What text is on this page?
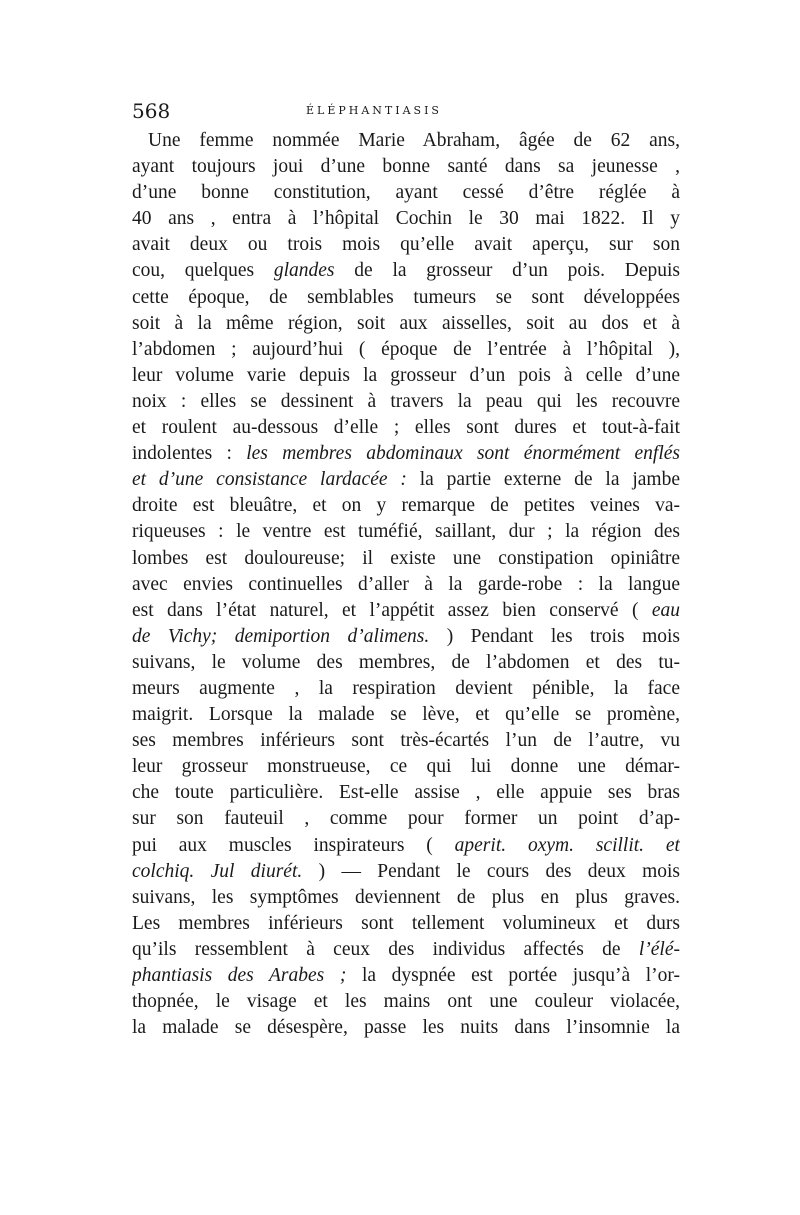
568	ÉLÉPHANTIASIS
Une femme nommée Marie Abraham, âgée de 62 ans,
ayant toujours joui d’une bonne santé dans sa jeunesse ,
d’une bonne constitution, ayant cessé d’être réglée à
40 ans , entra à l’hôpital Cochin le 30 mai 1822. Il y
avait deux ou trois mois qu’elle avait aperçu, sur son
cou, quelques glandes de la grosseur d’un pois. Depuis
cette époque, de semblables tumeurs se sont développées
soit à la même région, soit aux aisselles, soit au dos et à
l’abdomen ; aujourd’hui ( époque de l’entrée à l’hôpital ),
leur volume varie depuis la grosseur d’un pois à celle d’une
noix : elles se dessinent à travers la peau qui les recouvre
et roulent au-dessous d’elle ; elles sont dures et tout-à-fait
indolentes : les membres abdominaux sont énormément enflés
et d’une consistance lardacée : la partie externe de la jambe
droite est bleuâtre, et on y remarque de petites veines va-
riqueuses : le ventre est tuméfié, saillant, dur ; la région des
lombes est douloureuse; il existe une constipation opiniâtre
avec envies continuelles d’aller à la garde-robe : la langue
est dans l’état naturel, et l’appétit assez bien conservé ( eau
de Vichy; demiportion d’alimens. ) Pendant les trois mois
suivans, le volume des membres, de l’abdomen et des tu-
meurs augmente , la respiration devient pénible, la face
maigrit. Lorsque la malade se lève, et qu’elle se promène,
ses membres inférieurs sont très-écartés l’un de l’autre, vu
leur grosseur monstrueuse, ce qui lui donne une démar-
che toute particulière. Est-elle assise , elle appuie ses bras
sur son fauteuil , comme pour former un point d’ap-
pui aux muscles inspirateurs ( aperit. oxym. scillit. et
colchiq. Jul diurét. ) — Pendant le cours des deux mois
suivans, les symptômes deviennent de plus en plus graves.
Les membres inférieurs sont tellement volumineux et durs
qu’ils ressemblent à ceux des individus affectés de l’élé-
phantiasis des Arabes ; la dyspnée est portée jusqu’à l’or-
thopnée, le visage et les mains ont une couleur violacée,
la malade se désespère, passe les nuits dans l’insomnie la
